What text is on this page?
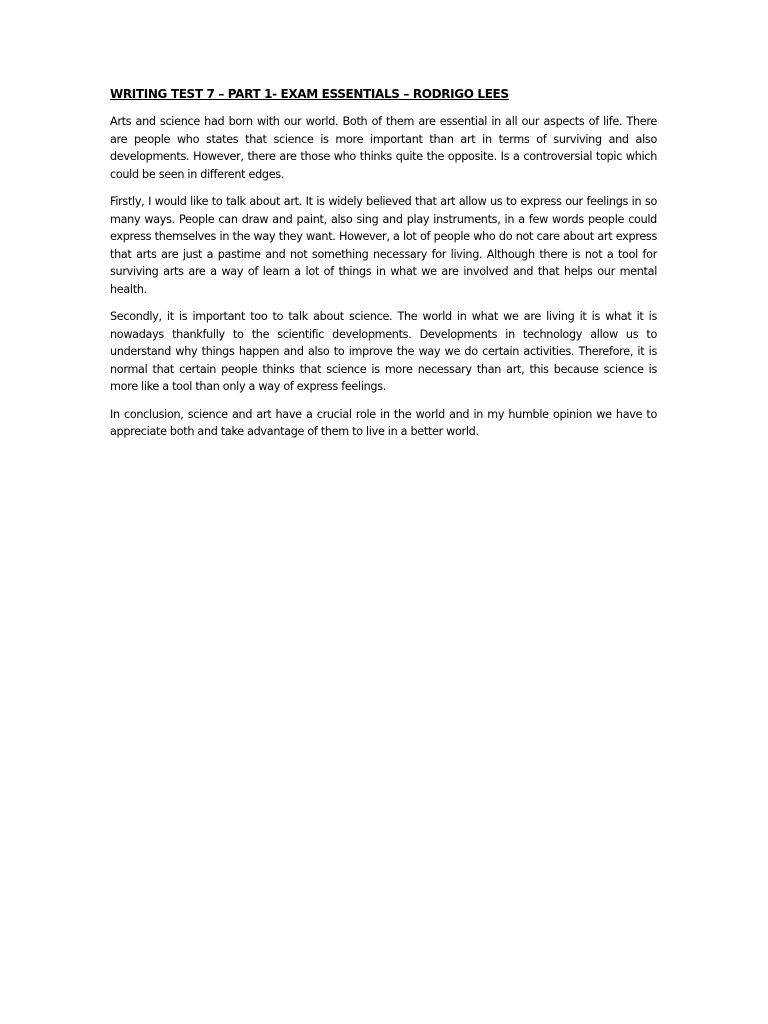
WRITING TEST 7 – PART 1- EXAM ESSENTIALS – RODRIGO LEES

Arts and science had born with our world. Both of them are essential in all our aspects of life. There are people who states that science is more important than art in terms of surviving and also developments. However, there are those who thinks quite the opposite. Is a controversial topic which could be seen in different edges.

Firstly, I would like to talk about art. It is widely believed that art allow us to express our feelings in so many ways. People can draw and paint, also sing and play instruments, in a few words people could express themselves in the way they want. However, a lot of people who do not care about art express that arts are just a pastime and not something necessary for living. Although there is not a tool for surviving arts are a way of learn a lot of things in what we are involved and that helps our mental health.

Secondly, it is important too to talk about science. The world in what we are living it is what it is nowadays thankfully to the scientific developments. Developments in technology allow us to understand why things happen and also to improve the way we do certain activities. Therefore, it is normal that certain people thinks that science is more necessary than art, this because science is more like a tool than only a way of express feelings.

In conclusion, science and art have a crucial role in the world and in my humble opinion we have to appreciate both and take advantage of them to live in a better world.
